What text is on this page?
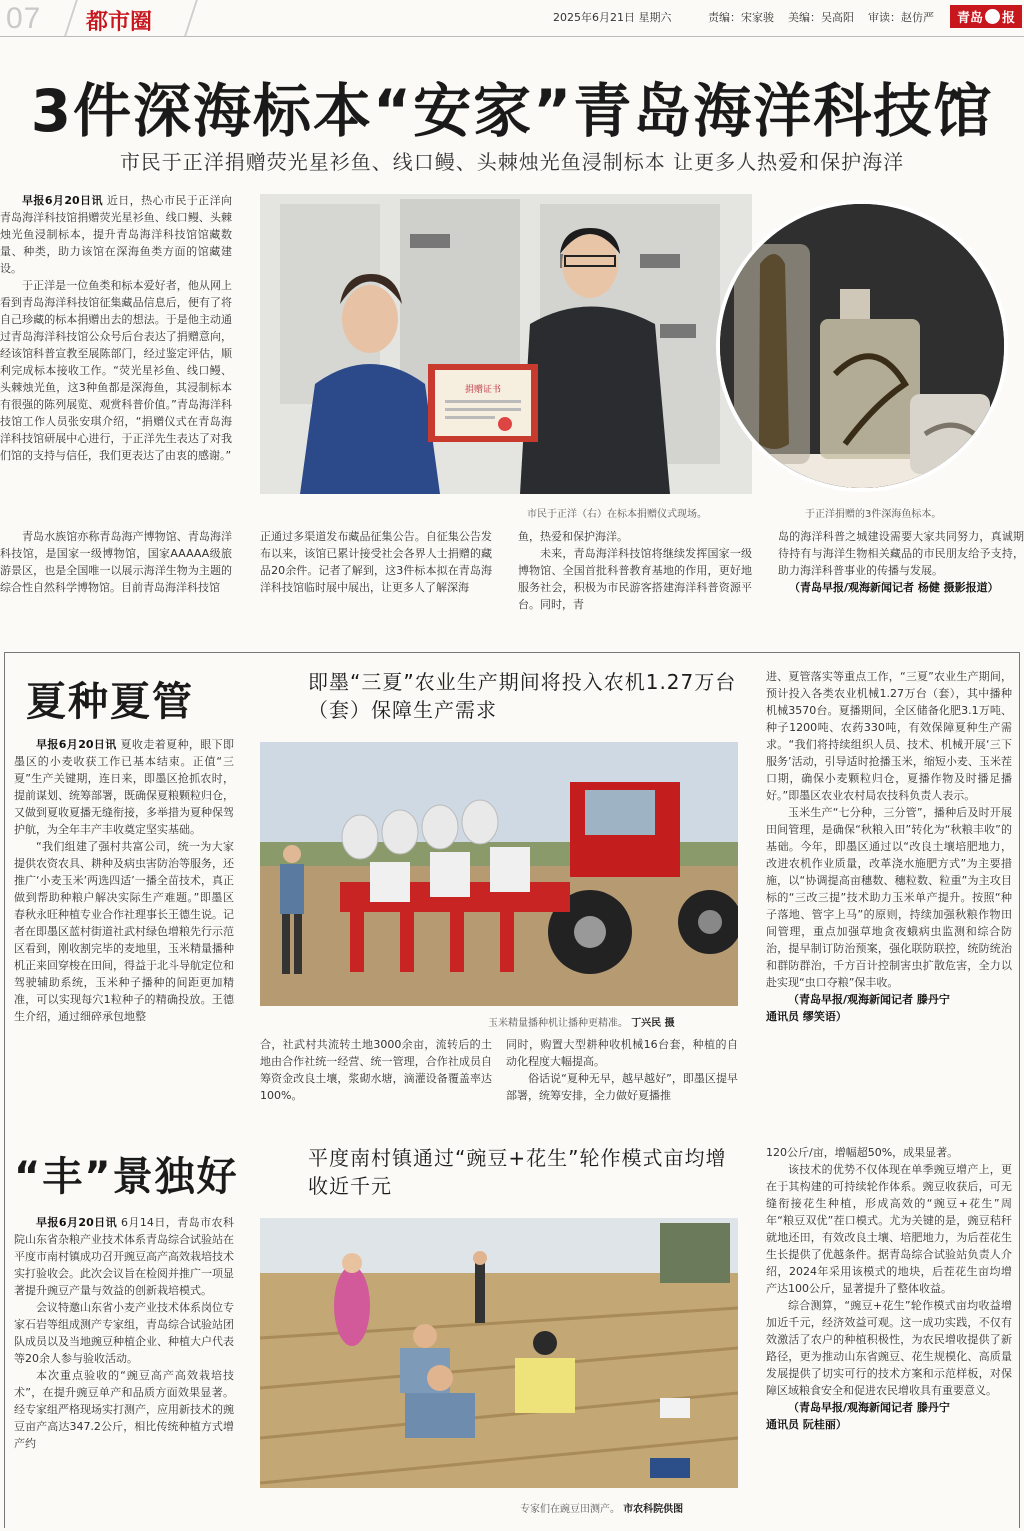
07 都市圈	2025年6月21日 星期六	责编：宋家骏 美编：吴高阳 审读：赵仿严 青岛 报
3件深海标本“安家”青岛海洋科技馆
市民于正洋捐赠荧光星衫鱼、线口鳗、头棘烛光鱼浸制标本 让更多人热爱和保护海洋

早报6月20日讯 近日，热心市民于正洋向青岛海洋科技馆捐赠荧光星衫鱼、线口鳗、头棘烛光鱼浸制标本，提升青岛海洋科技馆馆藏数量、种类，助力该馆在深海鱼类方面的馆藏建设。

于正洋是一位鱼类和标本爱好者，他从网上看到青岛海洋科技馆征集藏品信息后，便有了将自己珍藏的标本捐赠出去的想法。于是他主动通过青岛海洋科技馆公众号后台表达了捐赠意向，经该馆科普宣教至展陈部门，经过鉴定评估，顺利完成标本接收工作。“荧光星衫鱼、线口鳗、头棘烛光鱼，这3种鱼都是深海鱼，其浸制标本有很强的陈列展览、观赏科普价值。”青岛海洋科技馆工作人员张安琪介绍，“捐赠仪式在青岛海洋科技馆研展中心进行，于正洋先生表达了对我们馆的支持与信任，我们更表达了由衷的感谢。”

捐赠证书
市民于正洋（右）在标本捐赠仪式现场。	于正洋捐赠的3件深海鱼标本。

青岛水族馆亦称青岛海产博物馆、青岛海洋科技馆，是国家一级博物馆，国家AAAAA级旅游景区，也是全国唯一以展示海洋生物为主题的综合性自然科学博物馆。目前青岛海洋科技馆

正通过多渠道发布藏品征集公告。自征集公告发布以来，该馆已累计接受社会各界人士捐赠的藏品20余件。记者了解到，这3件标本拟在青岛海洋科技馆临时展中展出，让更多人了解深海

鱼，热爱和保护海洋。

未来，青岛海洋科技馆将继续发挥国家一级博物馆、全国首批科普教育基地的作用，更好地服务社会，积极为市民游客搭建海洋科普资源平台。同时，青

岛的海洋科普之城建设需要大家共同努力，真诚期待持有与海洋生物相关藏品的市民朋友给予支持，助力海洋科普事业的传播与发展。

（青岛早报/观海新闻记者 杨健 摄影报道）

夏种夏管	即墨“三夏”农业生产期间将投入农机1.27万台（套）保障生产需求

早报6月20日讯 夏收走着夏种，眼下即墨区的小麦收获工作已基本结束。正值“三夏”生产关键期，连日来，即墨区抢抓农时，提前谋划、统筹部署，既确保夏粮颗粒归仓，又做到夏收夏播无缝衔接，多举措为夏种保驾护航，为全年丰产丰收奠定坚实基础。

“我们组建了强村共富公司，统一为大家提供农资农具、耕种及病虫害防治等服务，还推广‘小麦玉米’两选四适’一播全苗技术，真正做到帮助种粮户解决实际生产难题。”即墨区春秋永旺种植专业合作社理事长王德生说。记者在即墨区蓝村街道社武村绿色增粮先行示范区看到，刚收割完毕的麦地里，玉米精量播种机正来回穿梭在田间，得益于北斗导航定位和驾驶辅助系统，玉米种子播种的间距更加精准，可以实现每穴1粒种子的精确投放。王德生介绍，通过细碎承包地整

玉米精量播种机让播种更精准。 丁兴民 摄

合，社武村共流转土地3000余亩，流转后的土地由合作社统一经营、统一管理，合作社成员自筹资金改良土壤，浆砌水塘，滴灌设备覆盖率达100%。

同时，购置大型耕种收机械16台套，种植的自动化程度大幅提高。

俗话说“夏种无早，越早越好”，即墨区提早部署，统筹安排，全力做好夏播推

进、夏管落实等重点工作，“三夏”农业生产期间，预计投入各类农业机械1.27万台（套），其中播种机械3570台。夏播期间，全区储备化肥3.1万吨、种子1200吨、农药330吨，有效保障夏种生产需求。“我们将持续组织人员、技术、机械开展‘三下服务’活动，引导适时抢播玉米，缩短小麦、玉米茬口期，确保小麦颗粒归仓，夏播作物及时播足播好。”即墨区农业农村局农技科负责人表示。

玉米生产“七分种，三分管”，播种后及时开展田间管理，是确保“秋粮入田”转化为“秋粮丰收”的基础。今年，即墨区通过以“改良土壤培肥地力，改进农机作业质量，改革浇水施肥方式”为主要措施，以“协调提高亩穗数、穗粒数、粒重”为主攻目标的“三改三提”技术助力玉米单产提升。按照“种子落地、管字上马”的原则，持续加强秋粮作物田间管理，重点加强草地贪夜蛾病虫监测和综合防治，提早制订防治预案，强化联防联控，统防统治和群防群治，千方百计控制害虫扩散危害，全力以赴实现“虫口夺粮”保丰收。

（青岛早报/观海新闻记者 滕丹宁

通讯员 缪笑语）

“丰”景独好	平度南村镇通过“豌豆+花生”轮作模式亩均增收近千元

早报6月20日讯 6月14日，青岛市农科院山东省杂粮产业技术体系青岛综合试验站在平度市南村镇成功召开豌豆高产高效栽培技术实打验收会。此次会议旨在检阅并推广一项显著提升豌豆产量与效益的创新栽培模式。

会议特邀山东省小麦产业技术体系岗位专家石岩等组成测产专家组，青岛综合试验站团队成员以及当地豌豆种植企业、种植大户代表等20余人参与验收活动。

本次重点验收的“豌豆高产高效栽培技术”，在提升豌豆单产和品质方面效果显著。经专家组严格现场实打测产，应用新技术的豌豆亩产高达347.2公斤，相比传统种植方式增产约

专家们在豌豆田测产。 市农科院供图

120公斤/亩，增幅超50%，成果显著。

该技术的优势不仅体现在单季豌豆增产上，更在于其构建的可持续轮作体系。豌豆收获后，可无缝衔接花生种植，形成高效的“豌豆+花生”周年“粮豆双优”茬口模式。尤为关键的是，豌豆秸秆就地还田，有效改良土壤、培肥地力，为后茬花生生长提供了优越条件。据青岛综合试验站负责人介绍，2024年采用该模式的地块，后茬花生亩均增产达100公斤，显著提升了整体收益。

综合测算，“豌豆+花生”轮作模式亩均收益增加近千元，经济效益可观。这一成功实践，不仅有效激活了农户的种植积极性，为农民增收提供了新路径，更为推动山东省豌豆、花生规模化、高质量发展提供了切实可行的技术方案和示范样板，对保障区域粮食安全和促进农民增收具有重要意义。

（青岛早报/观海新闻记者 滕丹宁

通讯员 阮桂丽）
